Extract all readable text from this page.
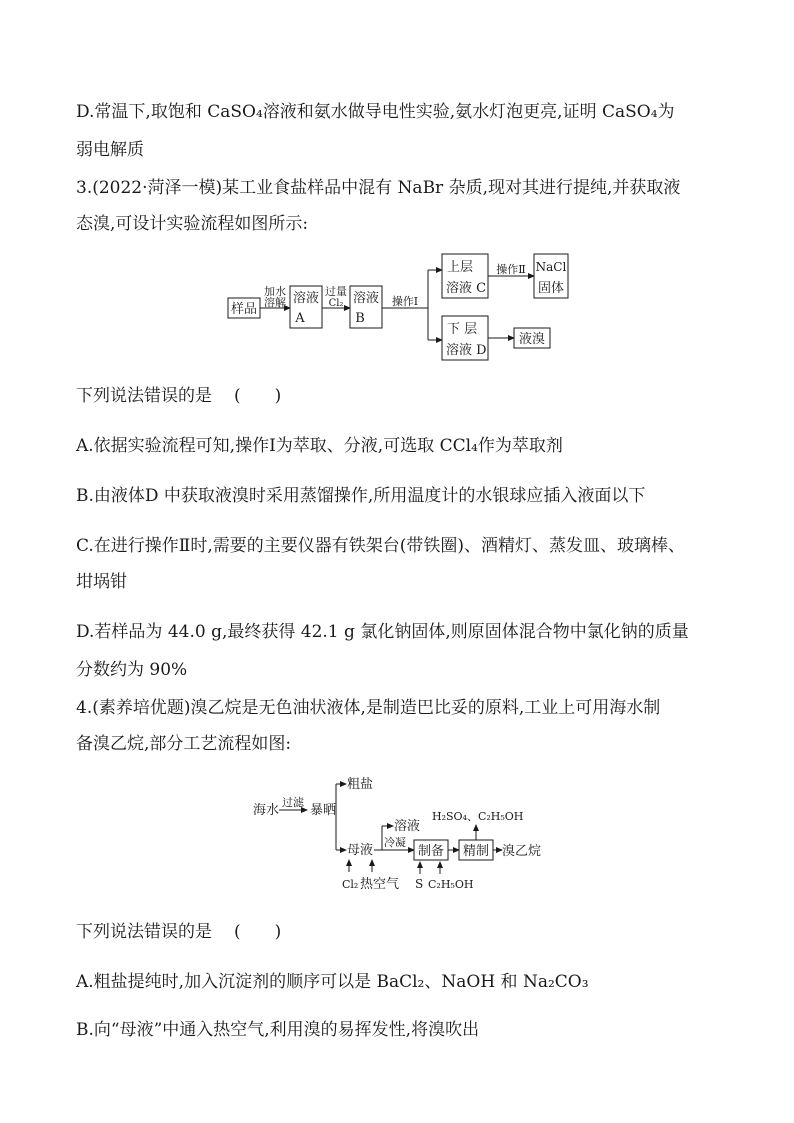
D.常温下,取饱和 CaSO₄溶液和氨水做导电性实验,氨水灯泡更亮,证明 CaSO₄为
弱电解质
3.(2022·菏泽一模)某工业食盐样品中混有 NaBr 杂质,现对其进行提纯,并获取液
态溴,可设计实验流程如图所示:
样品
加水
溶解 溶液
A
过量
Cl₂ 溶液
B
操作Ⅰ
上层
溶液 C
操作Ⅱ NaCl
固体
下 层
溶液 D
液溴
下列说法错误的是 (　　)
A.依据实验流程可知,操作Ⅰ为萃取、分液,可选取 CCl₄作为萃取剂
B.由液体D 中获取液溴时采用蒸馏操作,所用温度计的水银球应插入液面以下
C.在进行操作Ⅱ时,需要的主要仪器有铁架台(带铁圈)、酒精灯、蒸发皿、玻璃棒、
坩埚钳
D.若样品为 44.0 g,最终获得 42.1 g 氯化钠固体,则原固体混合物中氯化钠的质量
分数约为 90%
4.(素养培优题)溴乙烷是无色油状液体,是制造巴比妥的原料,工业上可用海水制
备溴乙烷,部分工艺流程如图:
海水
过滤
暴晒
粗盐
母液
Cl₂ 热空气
溶液
冷凝
制备
S C₂H₅OH
精制 溴乙烷
H₂SO₄、C₂H₅OH
下列说法错误的是 (　　)
A.粗盐提纯时,加入沉淀剂的顺序可以是 BaCl₂、NaOH 和 Na₂CO₃
B.向“母液”中通入热空气,利用溴的易挥发性,将溴吹出
